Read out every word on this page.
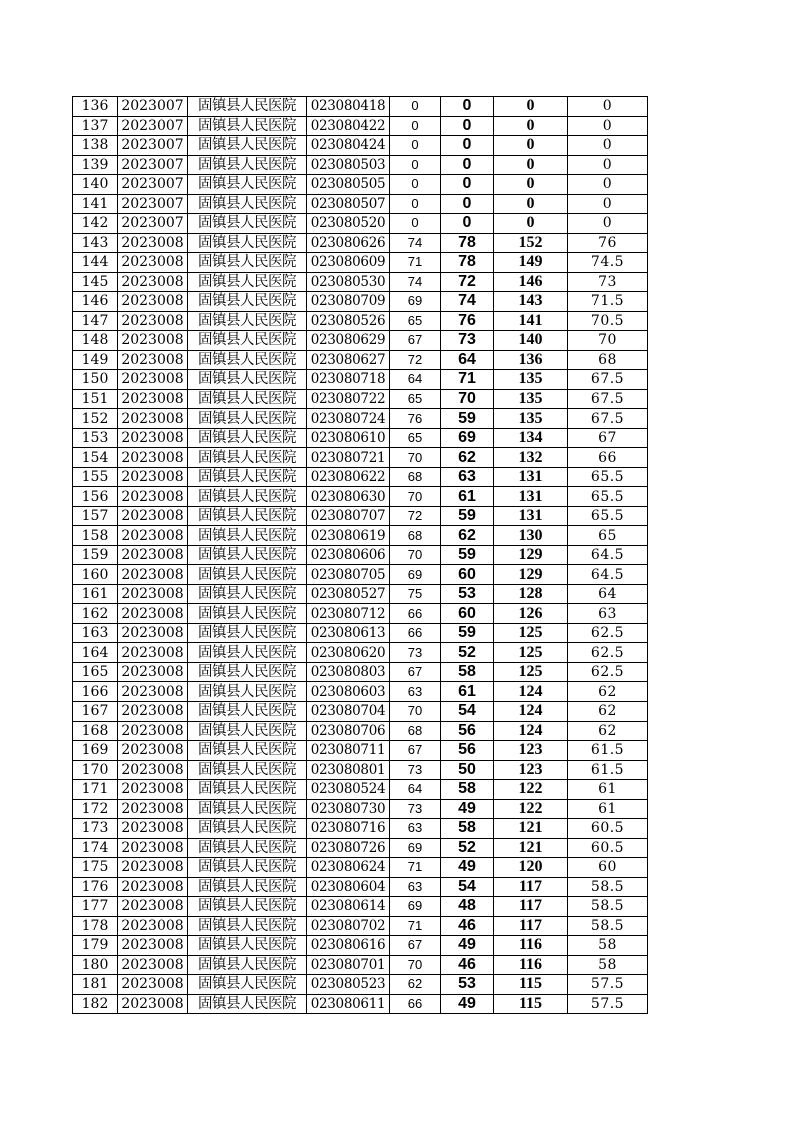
136	2023007	固镇县人民医院	023080418	0	0	0	0
137	2023007	固镇县人民医院	023080422	0	0	0	0
138	2023007	固镇县人民医院	023080424	0	0	0	0
139	2023007	固镇县人民医院	023080503	0	0	0	0
140	2023007	固镇县人民医院	023080505	0	0	0	0
141	2023007	固镇县人民医院	023080507	0	0	0	0
142	2023007	固镇县人民医院	023080520	0	0	0	0
143	2023008	固镇县人民医院	023080626	74	78	152	76
144	2023008	固镇县人民医院	023080609	71	78	149	74.5
145	2023008	固镇县人民医院	023080530	74	72	146	73
146	2023008	固镇县人民医院	023080709	69	74	143	71.5
147	2023008	固镇县人民医院	023080526	65	76	141	70.5
148	2023008	固镇县人民医院	023080629	67	73	140	70
149	2023008	固镇县人民医院	023080627	72	64	136	68
150	2023008	固镇县人民医院	023080718	64	71	135	67.5
151	2023008	固镇县人民医院	023080722	65	70	135	67.5
152	2023008	固镇县人民医院	023080724	76	59	135	67.5
153	2023008	固镇县人民医院	023080610	65	69	134	67
154	2023008	固镇县人民医院	023080721	70	62	132	66
155	2023008	固镇县人民医院	023080622	68	63	131	65.5
156	2023008	固镇县人民医院	023080630	70	61	131	65.5
157	2023008	固镇县人民医院	023080707	72	59	131	65.5
158	2023008	固镇县人民医院	023080619	68	62	130	65
159	2023008	固镇县人民医院	023080606	70	59	129	64.5
160	2023008	固镇县人民医院	023080705	69	60	129	64.5
161	2023008	固镇县人民医院	023080527	75	53	128	64
162	2023008	固镇县人民医院	023080712	66	60	126	63
163	2023008	固镇县人民医院	023080613	66	59	125	62.5
164	2023008	固镇县人民医院	023080620	73	52	125	62.5
165	2023008	固镇县人民医院	023080803	67	58	125	62.5
166	2023008	固镇县人民医院	023080603	63	61	124	62
167	2023008	固镇县人民医院	023080704	70	54	124	62
168	2023008	固镇县人民医院	023080706	68	56	124	62
169	2023008	固镇县人民医院	023080711	67	56	123	61.5
170	2023008	固镇县人民医院	023080801	73	50	123	61.5
171	2023008	固镇县人民医院	023080524	64	58	122	61
172	2023008	固镇县人民医院	023080730	73	49	122	61
173	2023008	固镇县人民医院	023080716	63	58	121	60.5
174	2023008	固镇县人民医院	023080726	69	52	121	60.5
175	2023008	固镇县人民医院	023080624	71	49	120	60
176	2023008	固镇县人民医院	023080604	63	54	117	58.5
177	2023008	固镇县人民医院	023080614	69	48	117	58.5
178	2023008	固镇县人民医院	023080702	71	46	117	58.5
179	2023008	固镇县人民医院	023080616	67	49	116	58
180	2023008	固镇县人民医院	023080701	70	46	116	58
181	2023008	固镇县人民医院	023080523	62	53	115	57.5
182	2023008	固镇县人民医院	023080611	66	49	115	57.5
